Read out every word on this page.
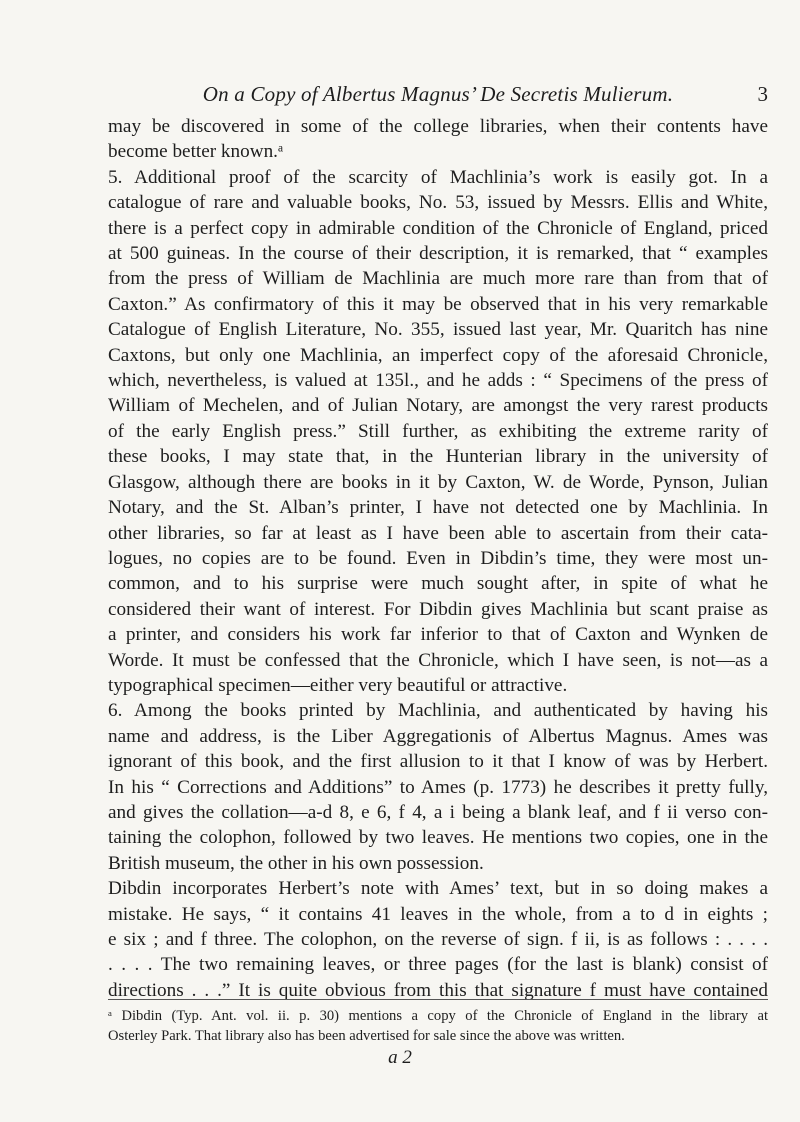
On a Copy of Albertus Magnus’ De Secretis Mulierum.	3
may be discovered in some of the college libraries, when their contents have
become better known.ᵃ
5. Additional proof of the scarcity of Machlinia’s work is easily got. In a
catalogue of rare and valuable books, No. 53, issued by Messrs. Ellis and White,
there is a perfect copy in admirable condition of the Chronicle of England, priced
at 500 guineas. In the course of their description, it is remarked, that “ examples
from the press of William de Machlinia are much more rare than from that of
Caxton.” As confirmatory of this it may be observed that in his very remarkable
Catalogue of English Literature, No. 355, issued last year, Mr. Quaritch has nine
Caxtons, but only one Machlinia, an imperfect copy of the aforesaid Chronicle,
which, nevertheless, is valued at 135l., and he adds : “ Specimens of the press of
William of Mechelen, and of Julian Notary, are amongst the very rarest products
of the early English press.” Still further, as exhibiting the extreme rarity of
these books, I may state that, in the Hunterian library in the university of
Glasgow, although there are books in it by Caxton, W. de Worde, Pynson, Julian
Notary, and the St. Alban’s printer, I have not detected one by Machlinia. In
other libraries, so far at least as I have been able to ascertain from their cata-
logues, no copies are to be found. Even in Dibdin’s time, they were most un-
common, and to his surprise were much sought after, in spite of what he
considered their want of interest. For Dibdin gives Machlinia but scant praise as
a printer, and considers his work far inferior to that of Caxton and Wynken de
Worde. It must be confessed that the Chronicle, which I have seen, is not—as a
typographical specimen—either very beautiful or attractive.
6. Among the books printed by Machlinia, and authenticated by having his
name and address, is the Liber Aggregationis of Albertus Magnus. Ames was
ignorant of this book, and the first allusion to it that I know of was by Herbert.
In his “ Corrections and Additions” to Ames (p. 1773) he describes it pretty fully,
and gives the collation—a-d 8, e 6, f 4, a i being a blank leaf, and f ii verso con-
taining the colophon, followed by two leaves. He mentions two copies, one in the
British museum, the other in his own possession.
Dibdin incorporates Herbert’s note with Ames’ text, but in so doing makes a
mistake. He says, “ it contains 41 leaves in the whole, from a to d in eights ;
e six ; and f three. The colophon, on the reverse of sign. f ii, is as follows : . . . .
. . . . The two remaining leaves, or three pages (for the last is blank) consist of
directions . . .” It is quite obvious from this that signature f must have contained
ᵃ Dibdin (Typ. Ant. vol. ii. p. 30) mentions a copy of the Chronicle of England in the library at
Osterley Park. That library also has been advertised for sale since the above was written.
a 2
